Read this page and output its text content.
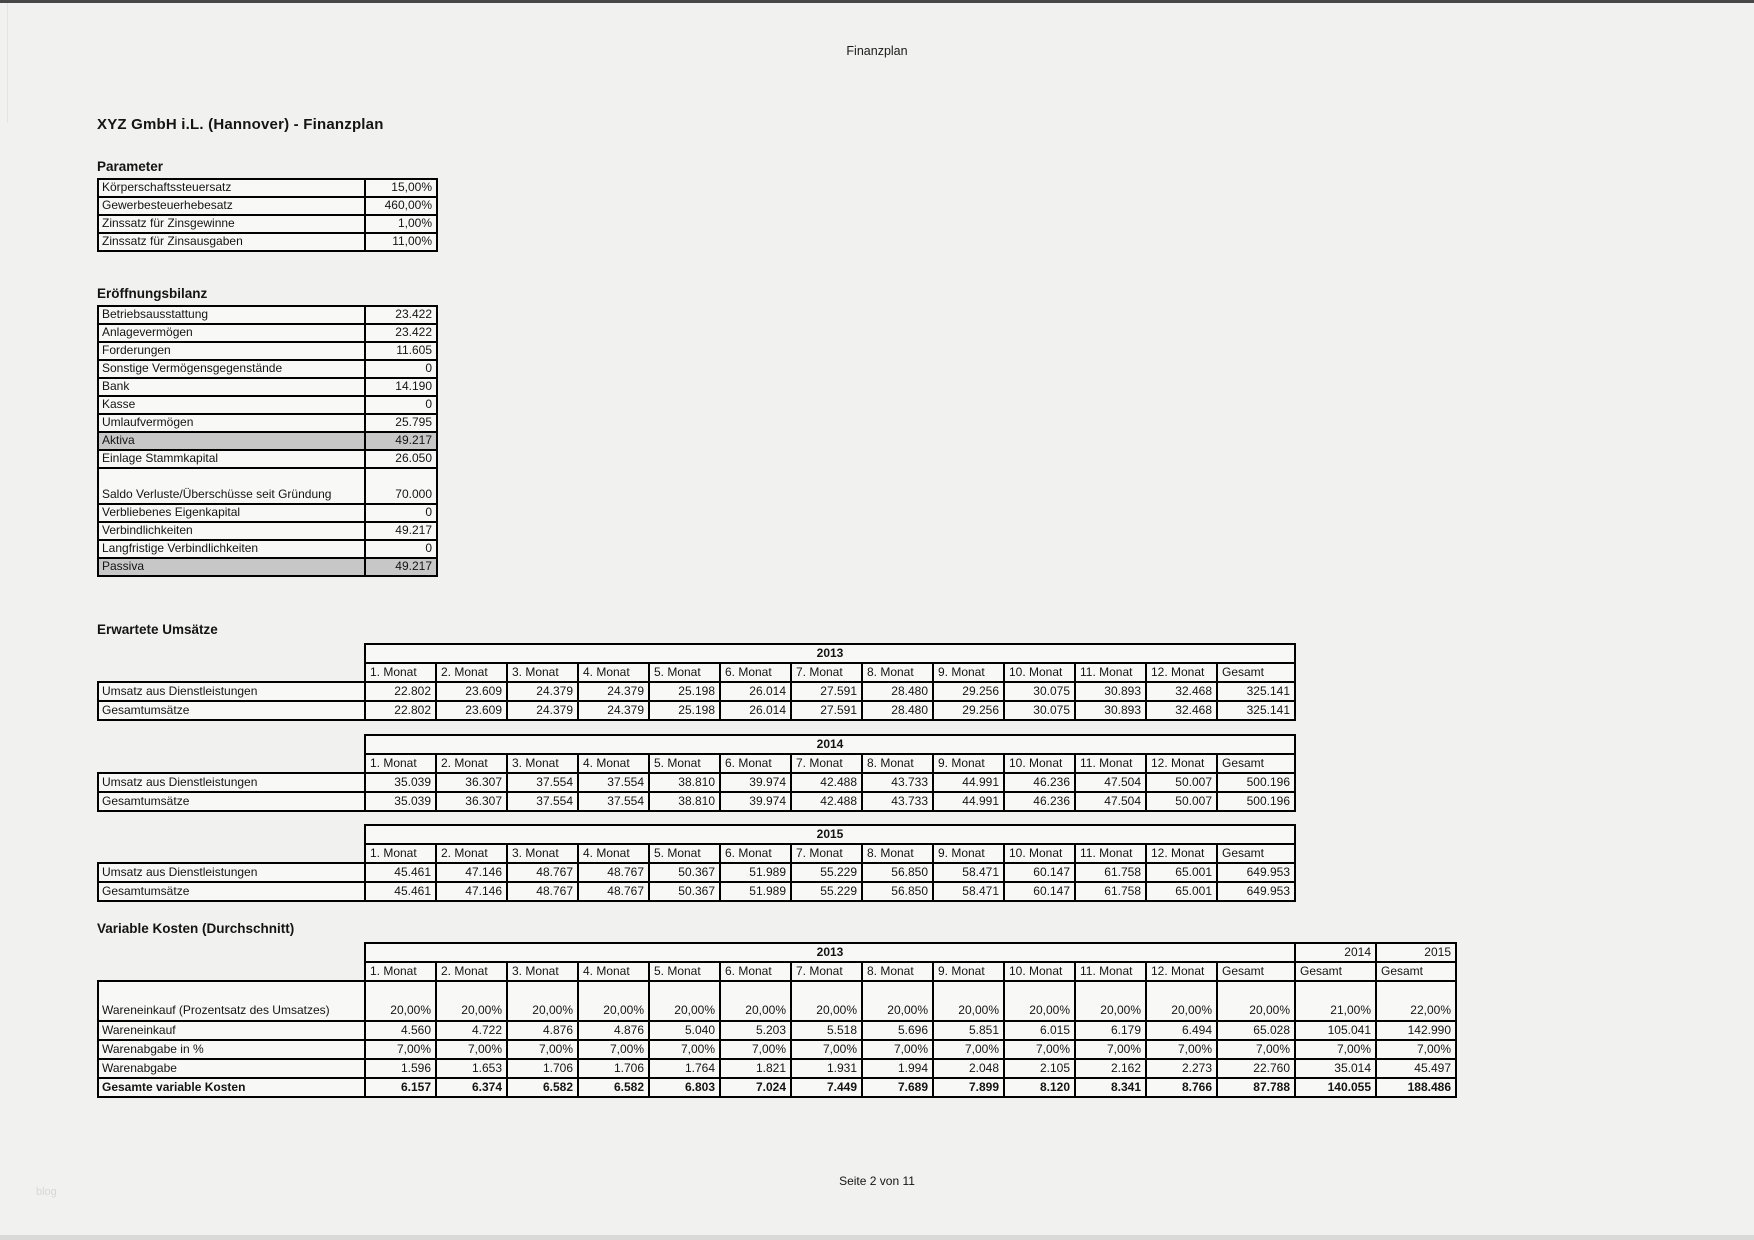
Finanzplan
XYZ GmbH i.L. (Hannover) - Finanzplan
Parameter
Körperschaftssteuersatz	15,00%
Gewerbesteuerhebesatz	460,00%
Zinssatz für Zinsgewinne	1,00%
Zinssatz für Zinsausgaben	11,00%
Eröffnungsbilanz
Betriebsausstattung	23.422
Anlagevermögen	23.422
Forderungen	11.605
Sonstige Vermögensgegenstände	0
Bank	14.190
Kasse	0
Umlaufvermögen	25.795
Aktiva	49.217
Einlage Stammkapital	26.050
Saldo Verluste/Überschüsse seit Gründung	70.000
Verbliebenes Eigenkapital	0
Verbindlichkeiten	49.217
Langfristige Verbindlichkeiten	0
Passiva	49.217
Erwartete Umsätze
	2013												
	1. Monat	2. Monat	3. Monat	4. Monat	5. Monat	6. Monat	7. Monat	8. Monat	9. Monat	10. Monat	11. Monat	12. Monat	Gesamt
Umsatz aus Dienstleistungen	22.802	23.609	24.379	24.379	25.198	26.014	27.591	28.480	29.256	30.075	30.893	32.468	325.141
Gesamtumsätze	22.802	23.609	24.379	24.379	25.198	26.014	27.591	28.480	29.256	30.075	30.893	32.468	325.141
	2014												
	1. Monat	2. Monat	3. Monat	4. Monat	5. Monat	6. Monat	7. Monat	8. Monat	9. Monat	10. Monat	11. Monat	12. Monat	Gesamt
Umsatz aus Dienstleistungen	35.039	36.307	37.554	37.554	38.810	39.974	42.488	43.733	44.991	46.236	47.504	50.007	500.196
Gesamtumsätze	35.039	36.307	37.554	37.554	38.810	39.974	42.488	43.733	44.991	46.236	47.504	50.007	500.196
	2015												
	1. Monat	2. Monat	3. Monat	4. Monat	5. Monat	6. Monat	7. Monat	8. Monat	9. Monat	10. Monat	11. Monat	12. Monat	Gesamt
Umsatz aus Dienstleistungen	45.461	47.146	48.767	48.767	50.367	51.989	55.229	56.850	58.471	60.147	61.758	65.001	649.953
Gesamtumsätze	45.461	47.146	48.767	48.767	50.367	51.989	55.229	56.850	58.471	60.147	61.758	65.001	649.953
Variable Kosten (Durchschnitt)
	2013													2014	2015
	1. Monat	2. Monat	3. Monat	4. Monat	5. Monat	6. Monat	7. Monat	8. Monat	9. Monat	10. Monat	11. Monat	12. Monat	Gesamt	Gesamt	Gesamt
Wareneinkauf (Prozentsatz des Umsatzes)	20,00%	20,00%	20,00%	20,00%	20,00%	20,00%	20,00%	20,00%	20,00%	20,00%	20,00%	20,00%	20,00%	21,00%	22,00%
Wareneinkauf	4.560	4.722	4.876	4.876	5.040	5.203	5.518	5.696	5.851	6.015	6.179	6.494	65.028	105.041	142.990
Warenabgabe in %	7,00%	7,00%	7,00%	7,00%	7,00%	7,00%	7,00%	7,00%	7,00%	7,00%	7,00%	7,00%	7,00%	7,00%	7,00%
Warenabgabe	1.596	1.653	1.706	1.706	1.764	1.821	1.931	1.994	2.048	2.105	2.162	2.273	22.760	35.014	45.497
Gesamte variable Kosten	6.157	6.374	6.582	6.582	6.803	7.024	7.449	7.689	7.899	8.120	8.341	8.766	87.788	140.055	188.486
Seite 2 von 11
blog
